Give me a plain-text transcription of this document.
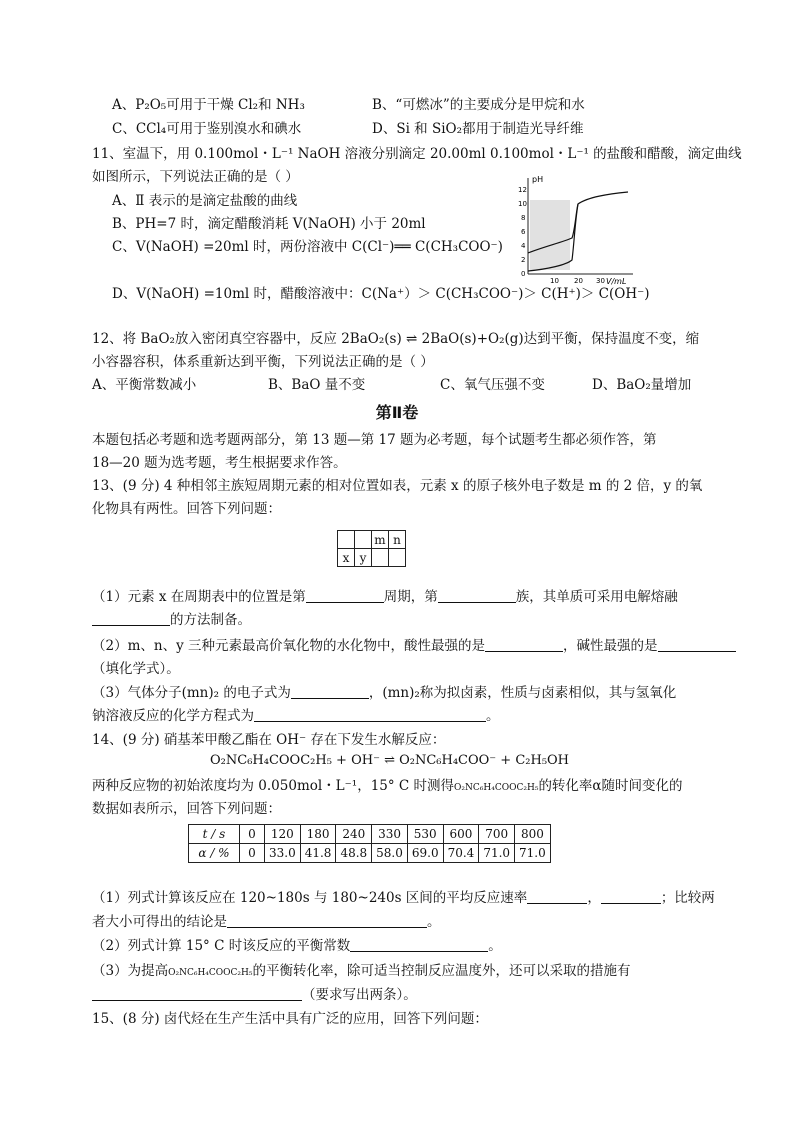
A、P₂O₅可用于干燥 Cl₂和 NH₃	B、“可燃冰”的主要成分是甲烷和水
C、CCl₄可用于鉴别溴水和碘水	D、Si 和 SiO₂都用于制造光导纤维
11、室温下，用 0.100mol・L⁻¹ NaOH 溶液分别滴定 20.00ml 0.100mol・L⁻¹ 的盐酸和醋酸，滴定曲线
如图所示，下列说法正确的是（ ）
A、Ⅱ 表示的是滴定盐酸的曲线
B、PH=7 时，滴定醋酸消耗 V(NaOH) 小于 20ml
C、V(NaOH) =20ml 时，两份溶液中 C(Cl⁻)══ C(CH₃COO⁻)
D、V(NaOH) =10ml 时，醋酸溶液中：C(Na⁺）＞ C(CH₃COO⁻)＞ C(H⁺)＞ C(OH⁻)
pH
V/mL
12
10
8
6
4
2
0
10 20 30
12、将 BaO₂放入密闭真空容器中，反应 2BaO₂(s) ⇌ 2BaO(s)+O₂(g)达到平衡，保持温度不变，缩
小容器容积，体系重新达到平衡，下列说法正确的是（ ）
A、平衡常数减小	B、BaO 量不变	C、氧气压强不变	D、BaO₂量增加
第Ⅱ卷
本题包括必考题和选考题两部分，第 13 题—第 17 题为必考题，每个试题考生都必须作答，第
18—20 题为选考题，考生根据要求作答。
13、(9 分) 4 种相邻主族短周期元素的相对位置如表，元素 x 的原子核外电子数是 m 的 2 倍，y 的氧
化物具有两性。回答下列问题：
		m	n
x	y		
（1）元素 x 在周期表中的位置是第	周期，第	族，其单质可采用电解熔融
的方法制备。
（2）m、n、y 三种元素最高价氧化物的水化物中，酸性最强的是	，碱性最强的是
（填化学式）。
（3）气体分子(mn)₂ 的电子式为	，(mn)₂称为拟卤素，性质与卤素相似，其与氢氧化
钠溶液反应的化学方程式为	。
14、(9 分) 硝基苯甲酸乙酯在 OH⁻ 存在下发生水解反应：
O₂NC₆H₄COOC₂H₅ + OH⁻ ⇌ O₂NC₆H₄COO⁻ + C₂H₅OH
两种反应物的初始浓度均为 0.050mol・L⁻¹，15° C 时测得O₂NC₆H₄COOC₂H₅的转化率α随时间变化的
数据如表所示，回答下列问题：
t / s	0	120	180	240	330	530	600	700	800
α / %	0	33.0	41.8	48.8	58.0	69.0	70.4	71.0	71.0
（1）列式计算该反应在 120~180s 与 180~240s 区间的平均反应速率	，	；比较两
者大小可得出的结论是	。
（2）列式计算 15° C 时该反应的平衡常数	。
（3）为提高O₂NC₆H₄COOC₂H₅的平衡转化率，除可适当控制反应温度外，还可以采取的措施有
（要求写出两条）。
15、(8 分) 卤代烃在生产生活中具有广泛的应用，回答下列问题：
